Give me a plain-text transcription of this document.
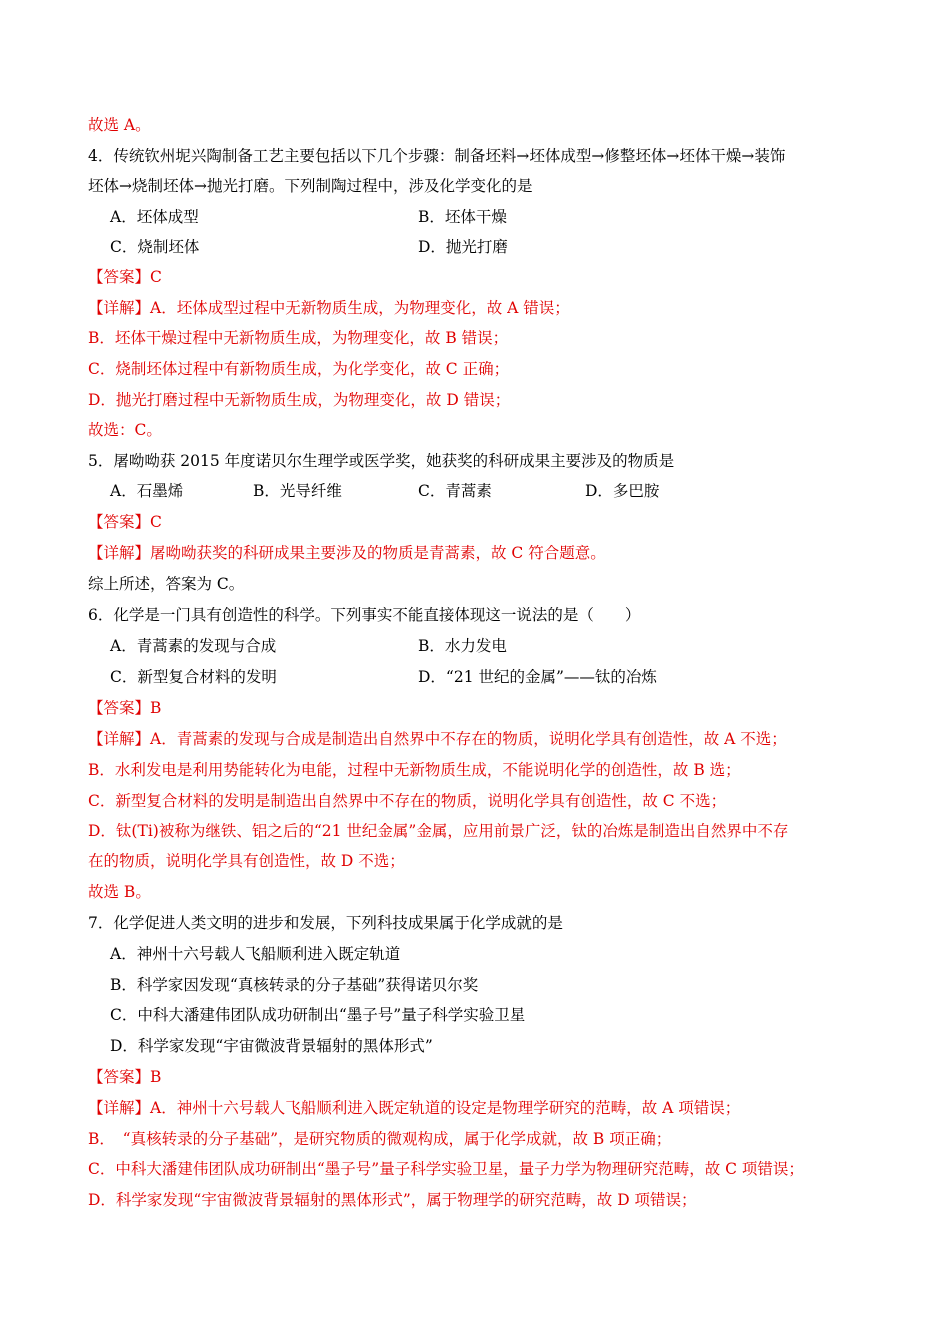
故选 A。
4．传统钦州坭兴陶制备工艺主要包括以下几个步骤：制备坯料→坯体成型→修整坯体→坯体干燥→装饰
坯体→烧制坯体→抛光打磨。下列制陶过程中，涉及化学变化的是
A．坯体成型	B．坯体干燥
C．烧制坯体	D．抛光打磨
【答案】C
【详解】A．坯体成型过程中无新物质生成，为物理变化，故 A 错误；
B．坯体干燥过程中无新物质生成，为物理变化，故 B 错误；
C．烧制坯体过程中有新物质生成，为化学变化，故 C 正确；
D．抛光打磨过程中无新物质生成，为物理变化，故 D 错误；
故选：C。
5．屠呦呦获 2015 年度诺贝尔生理学或医学奖，她获奖的科研成果主要涉及的物质是
A．石墨烯	B．光导纤维	C．青蒿素	D．多巴胺
【答案】C
【详解】屠呦呦获奖的科研成果主要涉及的物质是青蒿素，故 C 符合题意。
综上所述，答案为 C。
6．化学是一门具有创造性的科学。下列事实不能直接体现这一说法的是（　　）
A．青蒿素的发现与合成	B．水力发电
C．新型复合材料的发明	D．“21 世纪的金属”——钛的冶炼
【答案】B
【详解】A．青蒿素的发现与合成是制造出自然界中不存在的物质，说明化学具有创造性，故 A 不选；
B．水利发电是利用势能转化为电能，过程中无新物质生成，不能说明化学的创造性，故 B 选；
C．新型复合材料的发明是制造出自然界中不存在的物质，说明化学具有创造性，故 C 不选；
D．钛(Ti)被称为继铁、铝之后的“21 世纪金属”金属，应用前景广泛，钛的冶炼是制造出自然界中不存
在的物质，说明化学具有创造性，故 D 不选；
故选 B。
7．化学促进人类文明的进步和发展，下列科技成果属于化学成就的是
A．神州十六号载人飞船顺利进入既定轨道
B．科学家因发现“真核转录的分子基础”获得诺贝尔奖
C．中科大潘建伟团队成功研制出“墨子号”量子科学实验卫星
D．科学家发现“宇宙微波背景辐射的黑体形式”
【答案】B
【详解】A．神州十六号载人飞船顺利进入既定轨道的设定是物理学研究的范畴，故 A 项错误；
B．　“真核转录的分子基础”，是研究物质的微观构成，属于化学成就，故 B 项正确；
C．中科大潘建伟团队成功研制出“墨子号”量子科学实验卫星，量子力学为物理研究范畴，故 C 项错误；
D．科学家发现“宇宙微波背景辐射的黑体形式”，属于物理学的研究范畴，故 D 项错误；
